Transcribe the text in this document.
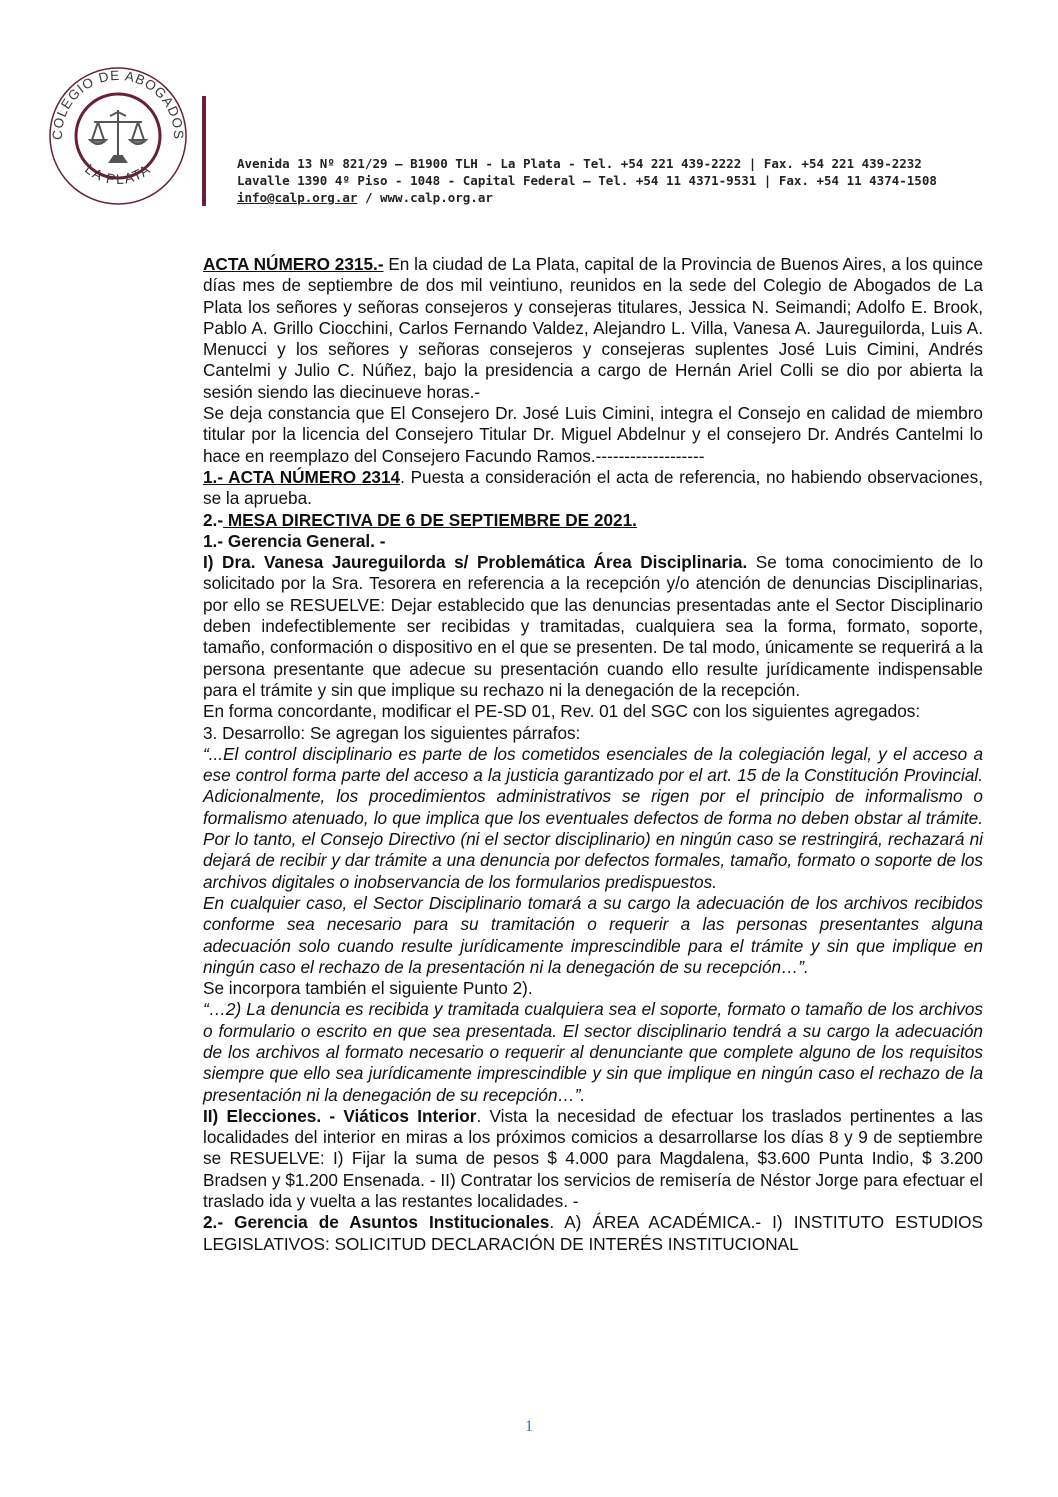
COLEGIO DE ABOGADOS
LA PLATA	Avenida 13 Nº 821/29 – B1900 TLH - La Plata - Tel. +54 221 439-2222 | Fax. +54 221 439-2232
Lavalle 1390 4º Piso - 1048 - Capital Federal – Tel. +54 11 4371-9531 | Fax. +54 11 4374-1508
info@calp.org.ar / www.calp.org.ar

ACTA NÚMERO 2315.- En la ciudad de La Plata, capital de la Provincia de Buenos Aires, a los quince días mes de septiembre de dos mil veintiuno, reunidos en la sede del Colegio de Abogados de La Plata los señores y señoras consejeros y consejeras titulares, Jessica N. Seimandi; Adolfo E. Brook, Pablo A. Grillo Ciocchini, Carlos Fernando Valdez, Alejandro L. Villa, Vanesa A. Jaureguilorda, Luis A. Menucci y los señores y señoras consejeros y consejeras suplentes José Luis Cimini, Andrés Cantelmi y Julio C. Núñez, bajo la presidencia a cargo de Hernán Ariel Colli se dio por abierta la sesión siendo las diecinueve horas.-

Se deja constancia que El Consejero Dr. José Luis Cimini, integra el Consejo en calidad de miembro titular por la licencia del Consejero Titular Dr. Miguel Abdelnur y el consejero Dr. Andrés Cantelmi lo hace en reemplazo del Consejero Facundo Ramos.-------------------

1.- ACTA NÚMERO 2314. Puesta a consideración el acta de referencia, no habiendo observaciones, se la aprueba.

2.- MESA DIRECTIVA DE 6 DE SEPTIEMBRE DE 2021.

1.- Gerencia General. -

I) Dra. Vanesa Jaureguilorda s/ Problemática Área Disciplinaria. Se toma conocimiento de lo solicitado por la Sra. Tesorera en referencia a la recepción y/o atención de denuncias Disciplinarias, por ello se RESUELVE: Dejar establecido que las denuncias presentadas ante el Sector Disciplinario deben indefectiblemente ser recibidas y tramitadas, cualquiera sea la forma, formato, soporte, tamaño, conformación o dispositivo en el que se presenten. De tal modo, únicamente se requerirá a la persona presentante que adecue su presentación cuando ello resulte jurídicamente indispensable para el trámite y sin que implique su rechazo ni la denegación de la recepción.

En forma concordante, modificar el PE-SD 01, Rev. 01 del SGC con los siguientes agregados:

3. Desarrollo: Se agregan los siguientes párrafos:

“...El control disciplinario es parte de los cometidos esenciales de la colegiación legal, y el acceso a ese control forma parte del acceso a la justicia garantizado por el art. 15 de la Constitución Provincial. Adicionalmente, los procedimientos administrativos se rigen por el principio de informalismo o formalismo atenuado, lo que implica que los eventuales defectos de forma no deben obstar al trámite. Por lo tanto, el Consejo Directivo (ni el sector disciplinario) en ningún caso se restringirá, rechazará ni dejará de recibir y dar trámite a una denuncia por defectos formales, tamaño, formato o soporte de los archivos digitales o inobservancia de los formularios predispuestos.

En cualquier caso, el Sector Disciplinario tomará a su cargo la adecuación de los archivos recibidos conforme sea necesario para su tramitación o requerir a las personas presentantes alguna adecuación solo cuando resulte jurídicamente imprescindible para el trámite y sin que implique en ningún caso el rechazo de la presentación ni la denegación de su recepción…”.

Se incorpora también el siguiente Punto 2).

“…2) La denuncia es recibida y tramitada cualquiera sea el soporte, formato o tamaño de los archivos o formulario o escrito en que sea presentada. El sector disciplinario tendrá a su cargo la adecuación de los archivos al formato necesario o requerir al denunciante que complete alguno de los requisitos siempre que ello sea jurídicamente imprescindible y sin que implique en ningún caso el rechazo de la presentación ni la denegación de su recepción…”.

II) Elecciones. - Viáticos Interior. Vista la necesidad de efectuar los traslados pertinentes a las localidades del interior en miras a los próximos comicios a desarrollarse los días 8 y 9 de septiembre se RESUELVE: I) Fijar la suma de pesos $ 4.000 para Magdalena, $3.600 Punta Indio, $ 3.200 Bradsen y $1.200 Ensenada. - II) Contratar los servicios de remisería de Néstor Jorge para efectuar el traslado ida y vuelta a las restantes localidades. -

2.- Gerencia de Asuntos Institucionales. A) ÁREA ACADÉMICA.- I) INSTITUTO ESTUDIOS LEGISLATIVOS: SOLICITUD DECLARACIÓN DE INTERÉS INSTITUCIONAL

1
